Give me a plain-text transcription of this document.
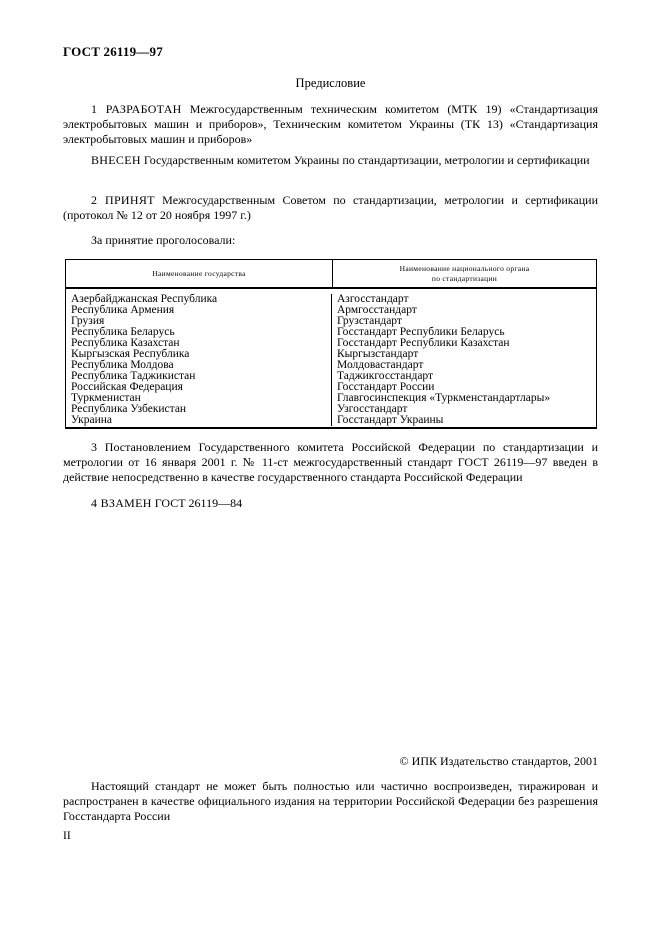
ГОСТ 26119—97
Предисловие
1 РАЗРАБОТАН Межгосударственным техническим комитетом (МТК 19) «Стандартизация электробытовых машин и приборов», Техническим комитетом Украины (ТК 13) «Стандартизация электробытовых машин и приборов»
ВНЕСЕН Государственным комитетом Украины по стандартизации, метрологии и сертификации
2 ПРИНЯТ Межгосударственным Советом по стандартизации, метрологии и сертификации (протокол № 12 от 20 ноября 1997 г.)
За принятие проголосовали:
Наименование государства
Наименование национального органа
по стандартизации
Азербайджанская Республика
Республика Армения
Грузия
Республика Беларусь
Республика Казахстан
Кыргызская Республика
Республика Молдова
Республика Таджикистан
Российская Федерация
Туркменистан
Республика Узбекистан
Украина
Азгосстандарт
Армгосстандарт
Грузстандарт
Госстандарт Республики Беларусь
Госстандарт Республики Казахстан
Кыргызстандарт
Молдовастандарт
Таджикгосстандарт
Госстандарт России
Главгосинспекция «Туркменстандартлары»
Узгосстандарт
Госстандарт Украины
3 Постановлением Государственного комитета Российской Федерации по стандартизации и метрологии от 16 января 2001 г. № 11-ст межгосударственный стандарт ГОСТ 26119—97 введен в действие непосредственно в качестве государственного стандарта Российской Федерации
4 ВЗАМЕН ГОСТ 26119—84
© ИПК Издательство стандартов, 2001
Настоящий стандарт не может быть полностью или частично воспроизведен, тиражирован и распространен в качестве официального издания на территории Российской Федерации без разрешения Госстандарта России
II
